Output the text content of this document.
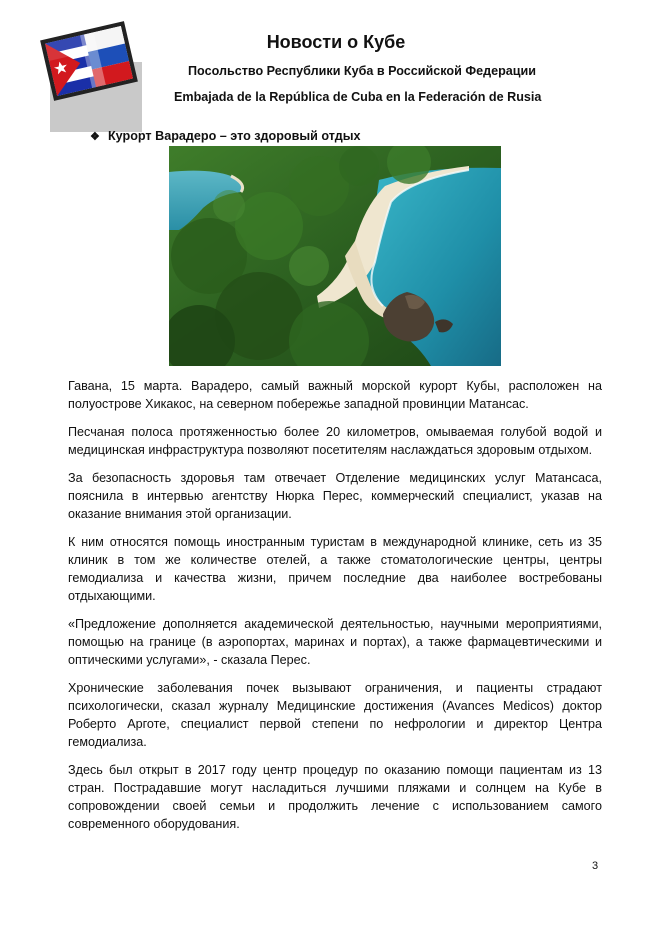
Новости о Кубе
Посольство Республики Куба в Российской Федерации
Embajada de la República de Cuba en la Federación de Rusia
❖ Курорт Варадеро – это здоровый отдых

Гавана, 15 марта. Варадеро, самый важный морской курорт Кубы, расположен на полуострове Хикакос, на северном побережье западной провинции Матансас.

Песчаная полоса протяженностью более 20 километров, омываемая голубой водой и медицинская инфраструктура позволяют посетителям наслаждаться здоровым отдыхом.

За безопасность здоровья там отвечает Отделение медицинских услуг Матансаса, пояснила в интервью агентству Нюрка Перес, коммерческий специалист, указав на оказание внимания этой организации.

К ним относятся помощь иностранным туристам в международной клинике, сеть из 35 клиник в том же количестве отелей, а также стоматологические центры, центры гемодиализа и качества жизни, причем последние два наиболее востребованы отдыхающими.

«Предложение дополняется академической деятельностью, научными мероприятиями, помощью на границе (в аэропортах, маринах и портах), а также фармацевтическими и оптическими услугами», - сказала Перес.

Хронические заболевания почек вызывают ограничения, и пациенты страдают психологически, сказал журналу Медицинские достижения (Avances Medicos) доктор Роберто Арготе, специалист первой степени по нефрологии и директор Центра гемодиализа.

Здесь был открыт в 2017 году центр процедур по оказанию помощи пациентам из 13 стран. Пострадавшие могут насладиться лучшими пляжами и солнцем на Кубе в сопровождении своей семьи и продолжить лечение с использованием самого современного оборудования.

3
